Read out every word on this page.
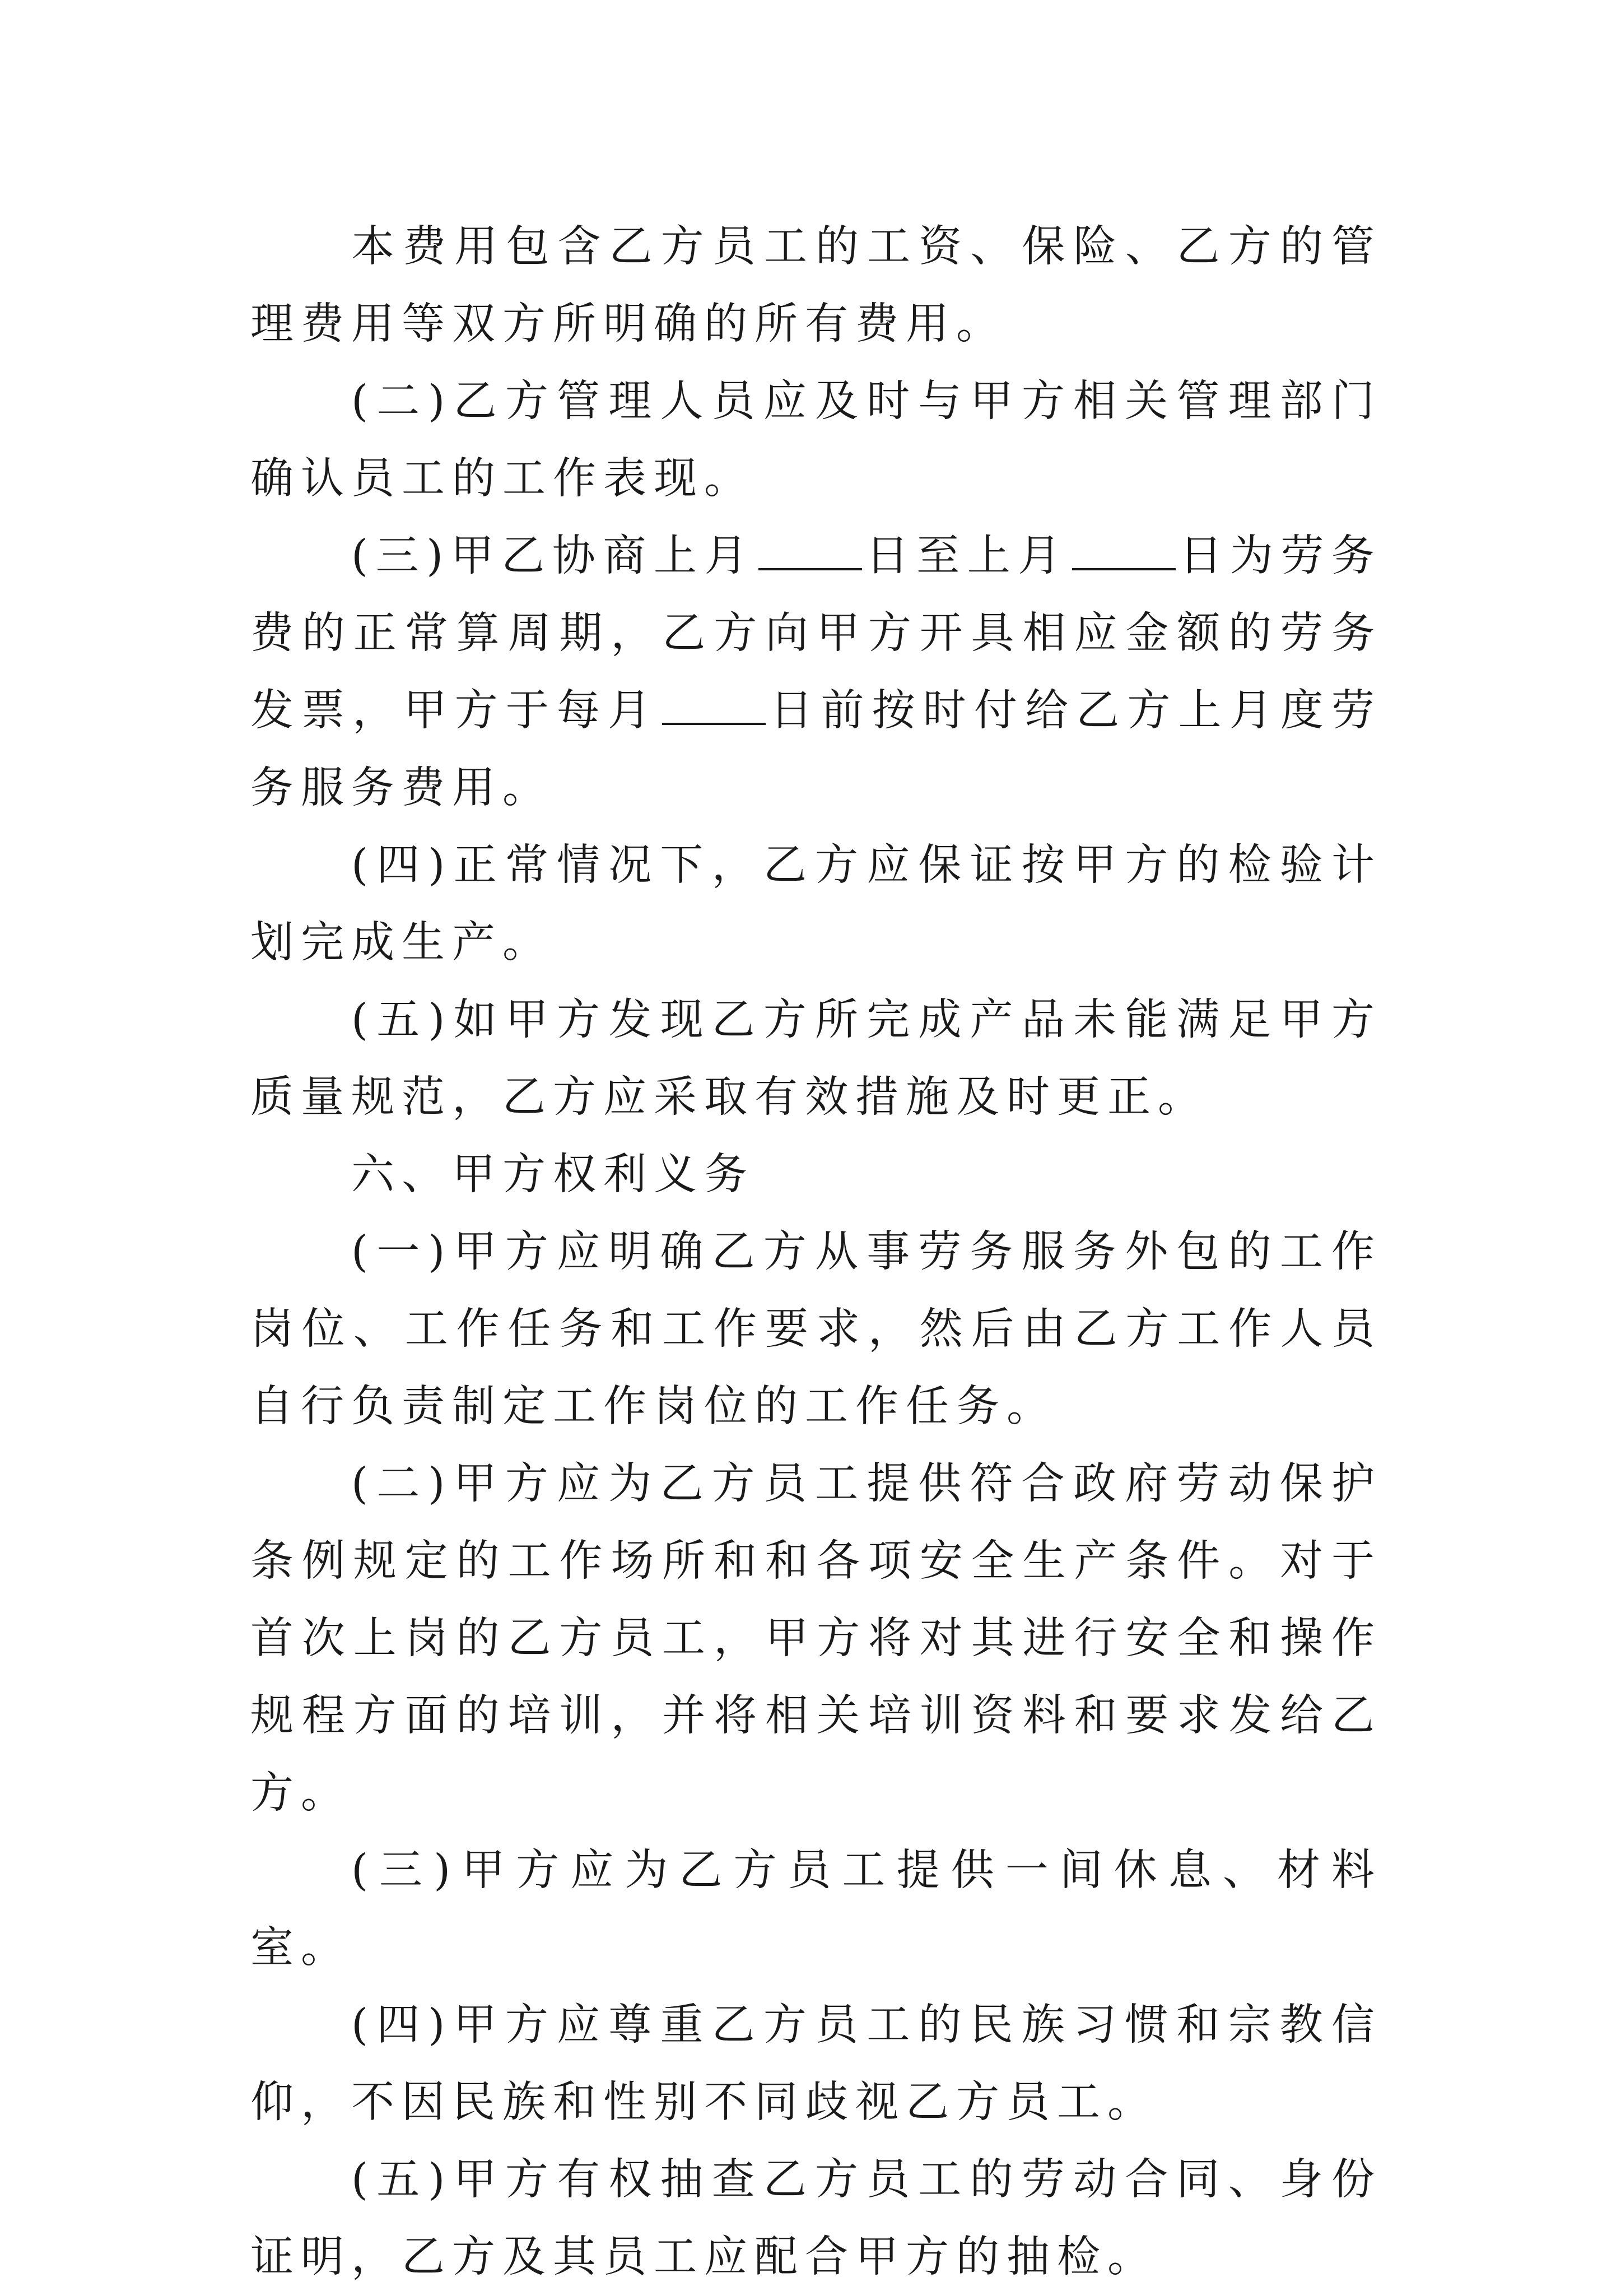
本费用包含乙方员工的工资、保险、乙方的管理费用等双方所明确的所有费用。

(二)乙方管理人员应及时与甲方相关管理部门确认员工的工作表现。

(三)甲乙协商上月	日至上月	日为劳务费的正常算周期，乙方向甲方开具相应金额的劳务发票，甲方于每月	日前按时付给乙方上月度劳务服务费用。

(四)正常情况下，乙方应保证按甲方的检验计划完成生产。

(五)如甲方发现乙方所完成产品未能满足甲方质量规范，乙方应采取有效措施及时更正。

六、甲方权利义务

(一)甲方应明确乙方从事劳务服务外包的工作岗位、工作任务和工作要求，然后由乙方工作人员自行负责制定工作岗位的工作任务。

(二)甲方应为乙方员工提供符合政府劳动保护条例规定的工作场所和和各项安全生产条件。对于首次上岗的乙方员工，甲方将对其进行安全和操作规程方面的培训，并将相关培训资料和要求发给乙方。

(三)甲方应为乙方员工提供一间休息、材料室。

(四)甲方应尊重乙方员工的民族习惯和宗教信仰，不因民族和性别不同歧视乙方员工。

(五)甲方有权抽查乙方员工的劳动合同、身份证明，乙方及其员工应配合甲方的抽检。
